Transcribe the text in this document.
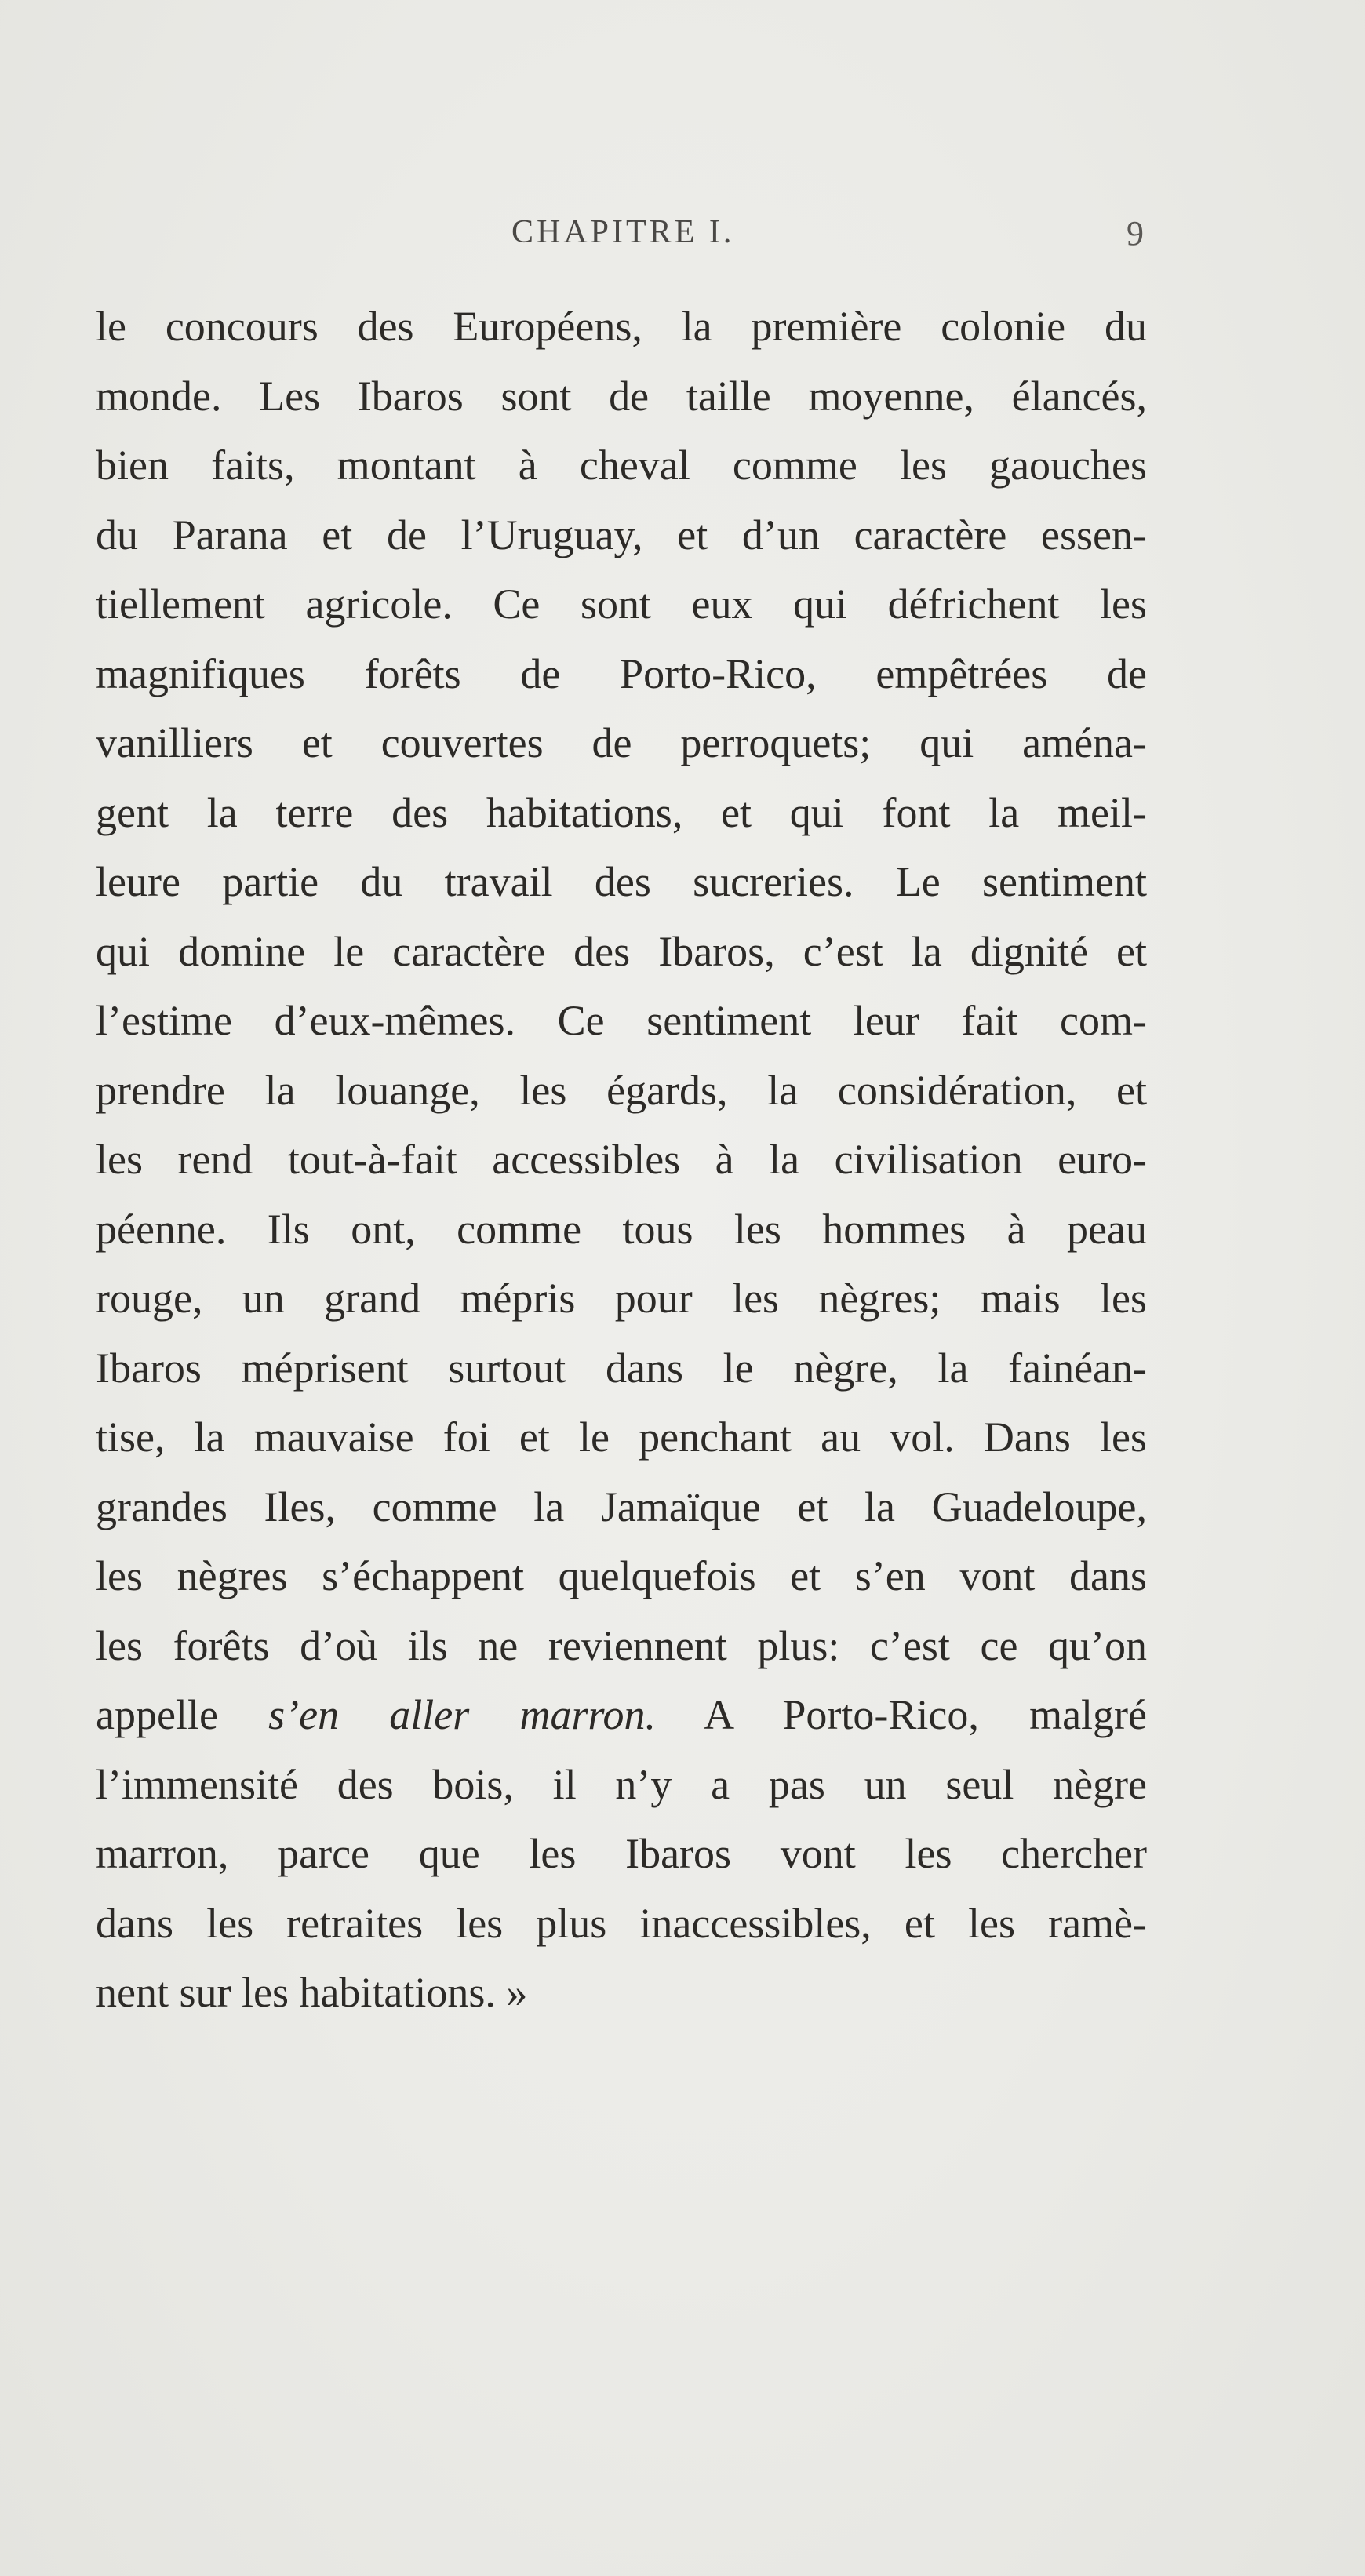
CHAPITRE I.	9
le concours des Européens, la première colonie du
monde. Les Ibaros sont de taille moyenne, élancés,
bien faits, montant à cheval comme les gaouches
du Parana et de l’Uruguay, et d’un caractère essen-
tiellement agricole. Ce sont eux qui défrichent les
magnifiques forêts de Porto-Rico, empêtrées de
vanilliers et couvertes de perroquets; qui aména-
gent la terre des habitations, et qui font la meil-
leure partie du travail des sucreries. Le sentiment
qui domine le caractère des Ibaros, c’est la dignité et
l’estime d’eux-mêmes. Ce sentiment leur fait com-
prendre la louange, les égards, la considération, et
les rend tout-à-fait accessibles à la civilisation euro-
péenne. Ils ont, comme tous les hommes à peau
rouge, un grand mépris pour les nègres; mais les
Ibaros méprisent surtout dans le nègre, la fainéan-
tise, la mauvaise foi et le penchant au vol. Dans les
grandes Iles, comme la Jamaïque et la Guadeloupe,
les nègres s’échappent quelquefois et s’en vont dans
les forêts d’où ils ne reviennent plus: c’est ce qu’on
appelle s’en aller marron. A Porto-Rico, malgré
l’immensité des bois, il n’y a pas un seul nègre
marron, parce que les Ibaros vont les chercher
dans les retraites les plus inaccessibles, et les ramè-
nent sur les habitations. »
